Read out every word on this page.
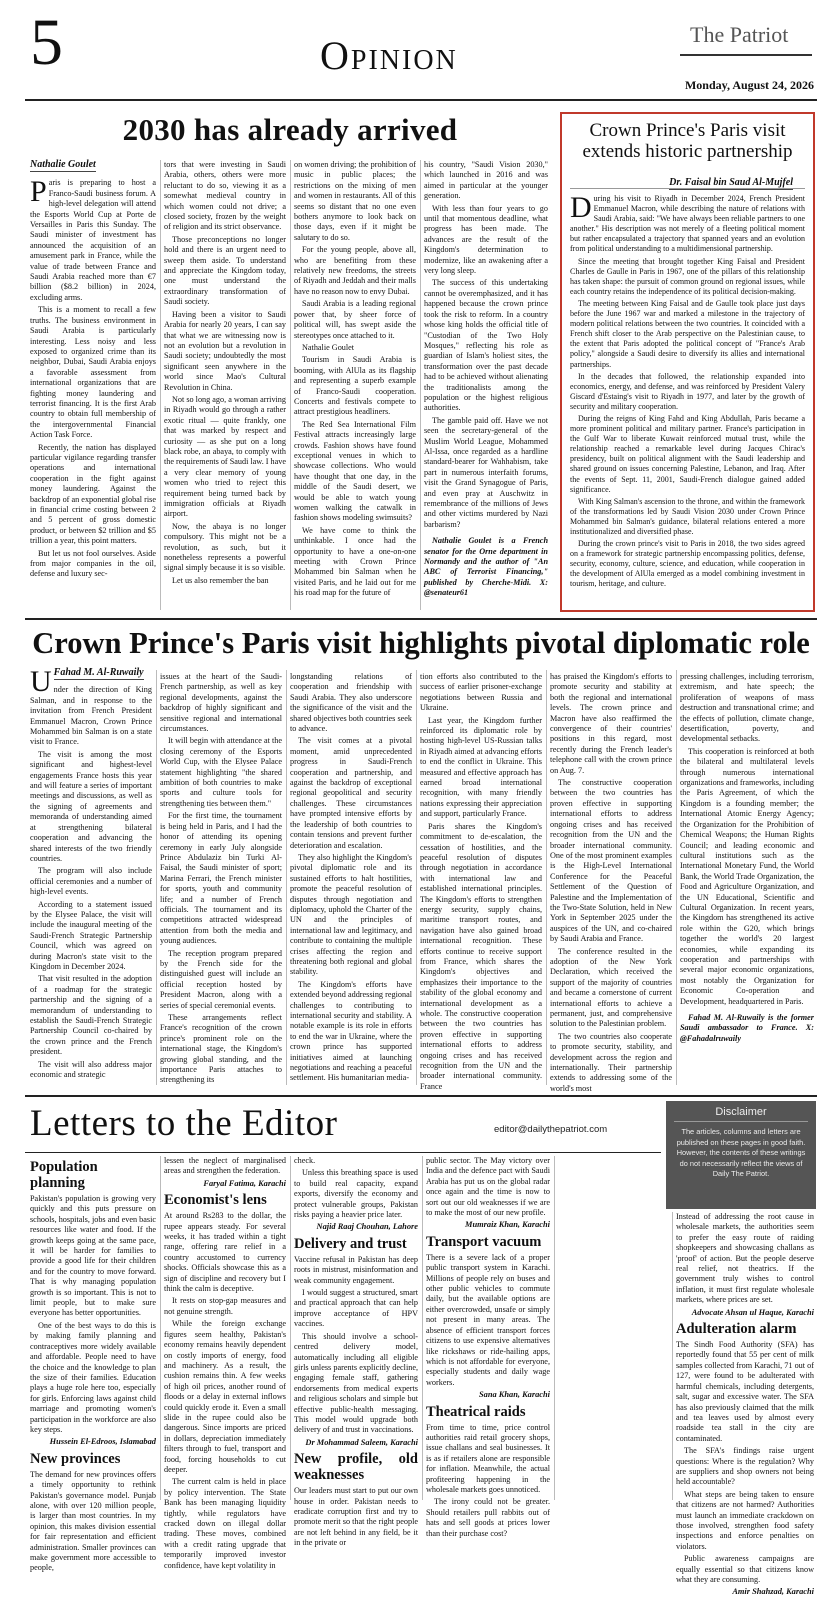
5	Opinion	The Patriot
Monday, August 24, 2026
2030 has already arrived
Nathalie Goulet
P aris is preparing to host a Franco-Saudi business forum. A high-level delegation will attend the Esports World Cup at Porte de Versailles in Paris this Sunday. The Saudi minister of investment has announced the acquisition of an amusement park in France, while the value of trade between France and Saudi Arabia reached more than €7 billion ($8.2 billion) in 2024, excluding arms.
This is a moment to recall a few truths. The business environment in Saudi Arabia is particularly interesting. Less noisy and less exposed to organized crime than its neighbor, Dubai, Saudi Arabia enjoys a favorable assessment from international organizations that are fighting money laundering and terrorist financing. It is the first Arab country to obtain full membership of the intergovernmental Financial Action Task Force.
Recently, the nation has displayed particular vigilance regarding transfer operations and international cooperation in the fight against money laundering. Against the backdrop of an exponential global rise in financial crime costing between 2 and 5 percent of gross domestic product, or between $2 trillion and $5 trillion a year, this point matters.
But let us not fool ourselves. Aside from major companies in the oil, defense and luxury sec-
tors that were investing in Saudi Arabia, others, others were more reluctant to do so, viewing it as a somewhat medieval country in which women could not drive; a closed society, frozen by the weight of religion and its strict observance.
Those preconceptions no longer hold and there is an urgent need to sweep them aside. To understand and appreciate the Kingdom today, one must understand the extraordinary transformation of Saudi society.
Having been a visitor to Saudi Arabia for nearly 20 years, I can say that what we are witnessing now is not an evolution but a revolution in Saudi society; undoubtedly the most significant seen anywhere in the world since Mao's Cultural Revolution in China.
Not so long ago, a woman arriving in Riyadh would go through a rather exotic ritual — quite frankly, one that was marked by respect and curiosity — as she put on a long black robe, an abaya, to comply with the requirements of Saudi law. I have a very clear memory of young women who tried to reject this requirement being turned back by immigration officials at Riyadh airport.
Now, the abaya is no longer compulsory. This might not be a revolution, as such, but it nonetheless represents a powerful signal simply because it is so visible.
Let us also remember the ban
on women driving; the prohibition of music in public places; the restrictions on the mixing of men and women in restaurants. All of this seems so distant that no one even bothers anymore to look back on those days, even if it might be salutary to do so.
For the young people, above all, who are benefiting from these relatively new freedoms, the streets of Riyadh and Jeddah and their malls have no reason now to envy Dubai.
Saudi Arabia is a leading regional power that, by sheer force of political will, has swept aside the stereotypes once attached to it.
Nathalie Goulet
Tourism in Saudi Arabia is booming, with AlUla as its flagship and representing a superb example of Franco-Saudi cooperation. Concerts and festivals compete to attract prestigious headliners.
The Red Sea International Film Festival attracts increasingly large crowds. Fashion shows have found exceptional venues in which to showcase collections. Who would have thought that one day, in the middle of the Saudi desert, we would be able to watch young women walking the catwalk in fashion shows modeling swimsuits?
We have come to think the unthinkable. I once had the opportunity to have a one-on-one meeting with Crown Prince Mohammed bin Salman when he visited Paris, and he laid out for me his road map for the future of
his country, "Saudi Vision 2030," which launched in 2016 and was aimed in particular at the younger generation.
With less than four years to go until that momentous deadline, what progress has been made. The advances are the result of the Kingdom's determination to modernize, like an awakening after a very long sleep.
The success of this undertaking cannot be overemphasized, and it has happened because the crown prince took the risk to reform. In a country whose king holds the official title of "Custodian of the Two Holy Mosques," reflecting his role as guardian of Islam's holiest sites, the transformation over the past decade had to be achieved without alienating the traditionalists among the population or the highest religious authorities.
The gamble paid off. Have we not seen the secretary-general of the Muslim World League, Mohammed Al-Issa, once regarded as a hardline standard-bearer for Wahhabism, take part in numerous interfaith forums, visit the Grand Synagogue of Paris, and even pray at Auschwitz in remembrance of the millions of Jews and other victims murdered by Nazi barbarism?
Nathalie Goulet is a French senator for the Orne department in Normandy and the author of "An ABC of Terrorist Financing," published by Cherche-Midi. X: @senateur61
Crown Prince's Paris visit extends historic partnership
Dr. Faisal bin Saud Al-Mujfel
D uring his visit to Riyadh in December 2024, French President Emmanuel Macron, while describing the nature of relations with Saudi Arabia, said: "We have always been reliable partners to one another." His description was not merely of a fleeting political moment but rather encapsulated a trajectory that spanned years and an evolution from political understanding to a multidimensional partnership.
Since the meeting that brought together King Faisal and President Charles de Gaulle in Paris in 1967, one of the pillars of this relationship has taken shape: the pursuit of common ground on regional issues, while each country retains the independence of its political decision-making.
The meeting between King Faisal and de Gaulle took place just days before the June 1967 war and marked a milestone in the trajectory of modern political relations between the two countries. It coincided with a French shift closer to the Arab perspective on the Palestinian cause, to the extent that Paris adopted the political concept of "France's Arab policy," alongside a Saudi desire to diversify its allies and international partnerships.
In the decades that followed, the relationship expanded into economics, energy, and defense, and was reinforced by President Valery Giscard d'Estaing's visit to Riyadh in 1977, and later by the growth of security and military cooperation.
During the reigns of King Fahd and King Abdullah, Paris became a more prominent political and military partner. France's participation in the Gulf War to liberate Kuwait reinforced mutual trust, while the relationship reached a remarkable level during Jacques Chirac's presidency, built on political alignment with the Saudi leadership and shared ground on issues concerning Palestine, Lebanon, and Iraq. After the events of Sept. 11, 2001, Saudi-French dialogue gained added significance.
With King Salman's ascension to the throne, and within the framework of the transformations led by Saudi Vision 2030 under Crown Prince Mohammed bin Salman's guidance, bilateral relations entered a more institutionalized and diversified phase.
During the crown prince's visit to Paris in 2018, the two sides agreed on a framework for strategic partnership encompassing politics, defense, security, economy, culture, science, and education, while cooperation in the development of AlUla emerged as a model combining investment in tourism, heritage, and culture.
Crown Prince's Paris visit highlights pivotal diplomatic role
Fahad M. Al-Ruwaily
U nder the direction of King Salman, and in response to the invitation from French President Emmanuel Macron, Crown Prince Mohammed bin Salman is on a state visit to France.
The visit is among the most significant and highest-level engagements France hosts this year and will feature a series of important meetings and discussions, as well as the signing of agreements and memoranda of understanding aimed at strengthening bilateral cooperation and advancing the shared interests of the two friendly countries.
The program will also include official ceremonies and a number of high-level events.
According to a statement issued by the Elysee Palace, the visit will include the inaugural meeting of the Saudi-French Strategic Partnership Council, which was agreed on during Macron's state visit to the Kingdom in December 2024.
That visit resulted in the adoption of a roadmap for the strategic partnership and the signing of a memorandum of understanding to establish the Saudi-French Strategic Partnership Council co-chaired by the crown prince and the French president.
The visit will also address major economic and strategic
issues at the heart of the Saudi-French partnership, as well as key regional developments, against the backdrop of highly significant and sensitive regional and international circumstances.
It will begin with attendance at the closing ceremony of the Esports World Cup, with the Elysee Palace statement highlighting "the shared ambition of both countries to make sports and culture tools for strengthening ties between them."
For the first time, the tournament is being held in Paris, and I had the honor of attending its opening ceremony in early July alongside Prince Abdulaziz bin Turki Al-Faisal, the Saudi minister of sport; Marina Ferrari, the French minister for sports, youth and community life; and a number of French officials. The tournament and its competitions attracted widespread attention from both the media and young audiences.
The reception program prepared by the French side for the distinguished guest will include an official reception hosted by President Macron, along with a series of special ceremonial events.
These arrangements reflect France's recognition of the crown prince's prominent role on the international stage, the Kingdom's growing global standing, and the importance Paris attaches to strengthening its
longstanding relations of cooperation and friendship with Saudi Arabia. They also underscore the significance of the visit and the shared objectives both countries seek to advance.
The visit comes at a pivotal moment, amid unprecedented progress in Saudi-French cooperation and partnership, and against the backdrop of exceptional regional geopolitical and security challenges. These circumstances have prompted intensive efforts by the leadership of both countries to contain tensions and prevent further deterioration and escalation.
They also highlight the Kingdom's pivotal diplomatic role and its sustained efforts to halt hostilities, promote the peaceful resolution of disputes through negotiation and diplomacy, uphold the Charter of the UN and the principles of international law and legitimacy, and contribute to containing the multiple crises affecting the region and threatening both regional and global stability.
The Kingdom's efforts have extended beyond addressing regional challenges to contributing to international security and stability. A notable example is its role in efforts to end the war in Ukraine, where the crown prince has supported initiatives aimed at launching negotiations and reaching a peaceful settlement. His humanitarian media-
tion efforts also contributed to the success of earlier prisoner-exchange negotiations between Russia and Ukraine.
Last year, the Kingdom further reinforced its diplomatic role by hosting high-level US-Russian talks in Riyadh aimed at advancing efforts to end the conflict in Ukraine. This measured and effective approach has earned broad international recognition, with many friendly nations expressing their appreciation and support, particularly France.
Paris shares the Kingdom's commitment to de-escalation, the cessation of hostilities, and the peaceful resolution of disputes through negotiation in accordance with international law and established international principles. The Kingdom's efforts to strengthen energy security, supply chains, maritime transport routes, and navigation have also gained broad international recognition. These efforts continue to receive support from France, which shares the Kingdom's objectives and emphasizes their importance to the stability of the global economy and international development as a whole. The constructive cooperation between the two countries has proven effective in supporting international efforts to address ongoing crises and has received recognition from the UN and the broader international community. France
has praised the Kingdom's efforts to promote security and stability at both the regional and international levels. The crown prince and Macron have also reaffirmed the convergence of their countries' positions in this regard, most recently during the French leader's telephone call with the crown prince on Aug. 7.
The constructive cooperation between the two countries has proven effective in supporting international efforts to address ongoing crises and has received recognition from the UN and the broader international community. One of the most prominent examples is the High-Level International Conference for the Peaceful Settlement of the Question of Palestine and the Implementation of the Two-State Solution, held in New York in September 2025 under the auspices of the UN, and co-chaired by Saudi Arabia and France.
The conference resulted in the adoption of the New York Declaration, which received the support of the majority of countries and became a cornerstone of current international efforts to achieve a permanent, just, and comprehensive solution to the Palestinian problem.
The two countries also cooperate to promote security, stability, and development across the region and internationally. Their partnership extends to addressing some of the world's most
pressing challenges, including terrorism, extremism, and hate speech; the proliferation of weapons of mass destruction and transnational crime; and the effects of pollution, climate change, desertification, poverty, and developmental setbacks.
This cooperation is reinforced at both the bilateral and multilateral levels through numerous international organizations and frameworks, including the Paris Agreement, of which the Kingdom is a founding member; the International Atomic Energy Agency; the Organization for the Prohibition of Chemical Weapons; the Human Rights Council; and leading economic and cultural institutions such as the International Monetary Fund, the World Bank, the World Trade Organization, the Food and Agriculture Organization, and the UN Educational, Scientific and Cultural Organization. In recent years, the Kingdom has strengthened its active role within the G20, which brings together the world's 20 largest economies, while expanding its cooperation and partnerships with several major economic organizations, most notably the Organization for Economic Co-operation and Development, headquartered in Paris.
Fahad M. Al-Ruwaily is the former Saudi ambassador to France. X: @Fahadalruwaily
Letters to the Editor	editor@dailythepatriot.com
Disclaimer
The articles, columns and letters are published on these pages in good faith. However, the contents of these writings do not necessarily reflect the views of Daily The Patriot.
Population planning
Pakistan's population is growing very quickly and this puts pressure on schools, hospitals, jobs and even basic resources like water and food. If the growth keeps going at the same pace, it will be harder for families to provide a good life for their children and for the country to move forward. That is why managing population growth is so important. This is not to limit people, but to make sure everyone has better opportunities.
One of the best ways to do this is by making family planning and contraceptives more widely available and affordable. People need to have the choice and the knowledge to plan the size of their families. Education plays a huge role here too, especially for girls. Enforcing laws against child marriage and promoting women's participation in the workforce are also key steps.
Hussein El-Edroos, Islamabad
New provinces
The demand for new provinces offers a timely opportunity to rethink Pakistan's governance model. Punjab alone, with over 120 million people, is larger than most countries. In my opinion, this makes division essential for fair representation and efficient administration. Smaller provinces can make government more accessible to people,
lessen the neglect of marginalised areas and strengthen the federation.
Faryal Fatima, Karachi
Economist's lens
At around Rs283 to the dollar, the rupee appears steady. For several weeks, it has traded within a tight range, offering rare relief in a country accustomed to currency shocks. Officials showcase this as a sign of discipline and recovery but I think the calm is deceptive.
It rests on stop-gap measures and not genuine strength.
While the foreign exchange figures seem healthy, Pakistan's economy remains heavily dependent on costly imports of energy, food and machinery. As a result, the cushion remains thin. A few weeks of high oil prices, another round of floods or a delay in external inflows could quickly erode it. Even a small slide in the rupee could also be dangerous. Since imports are priced in dollars, depreciation immediately filters through to fuel, transport and food, forcing households to cut deeper.
The current calm is held in place by policy intervention. The State Bank has been managing liquidity tightly, while regulators have cracked down on illegal dollar trading. These moves, combined with a credit rating upgrade that temporarily improved investor confidence, have kept volatility in
check.
Unless this breathing space is used to build real capacity, expand exports, diversify the economy and protect vulnerable groups, Pakistan risks paying a heavier price later.
Najid Raaj Chouhan, Lahore
Delivery and trust
Vaccine refusal in Pakistan has deep roots in mistrust, misinformation and weak community engagement.
I would suggest a structured, smart and practical approach that can help improve acceptance of HPV vaccines.
This should involve a school-centred delivery model, automatically including all eligible girls unless parents explicitly decline, engaging female staff, gathering endorsements from medical experts and religious scholars and simple but effective public-health messaging. This model would upgrade both delivery of and trust in vaccinations.
Dr Mohammad Saleem, Karachi
New profile, old weaknesses
Our leaders must start to put our own house in order. Pakistan needs to eradicate corruption first and try to promote merit so that the right people are not left behind in any field, be it in the private or
public sector. The May victory over India and the defence pact with Saudi Arabia has put us on the global radar once again and the time is now to sort out our old weaknesses if we are to make the most of our new profile.
Mumraiz Khan, Karachi
Transport vacuum
There is a severe lack of a proper public transport system in Karachi. Millions of people rely on buses and other public vehicles to commute daily, but the available options are either overcrowded, unsafe or simply not present in many areas. The absence of efficient transport forces citizens to use expensive alternatives like rickshaws or ride-hailing apps, which is not affordable for everyone, especially students and daily wage workers.
Sana Khan, Karachi
Theatrical raids
From time to time, price control authorities raid retail grocery shops, issue challans and seal businesses. It is as if retailers alone are responsible for inflation. Meanwhile, the actual profiteering happening in the wholesale markets goes unnoticed.
The irony could not be greater. Should retailers pull rabbits out of hats and sell goods at prices lower than their purchase cost?
Instead of addressing the root cause in wholesale markets, the authorities seem to prefer the easy route of raiding shopkeepers and showcasing challans as 'proof' of action. But the people deserve real relief, not theatrics. If the government truly wishes to control inflation, it must first regulate wholesale markets, where prices are set.
Advocate Ahsan ul Haque, Karachi
Adulteration alarm
The Sindh Food Authority (SFA) has reportedly found that 55 per cent of milk samples collected from Karachi, 71 out of 127, were found to be adulterated with harmful chemicals, including detergents, salt, sugar and excessive water. The SFA has also previously claimed that the milk and tea leaves used by almost every roadside tea stall in the city are contaminated.
The SFA's findings raise urgent questions: Where is the regulation? Why are suppliers and shop owners not being held accountable?
What steps are being taken to ensure that citizens are not harmed? Authorities must launch an immediate crackdown on those involved, strengthen food safety inspections and enforce penalties on violators.
Public awareness campaigns are equally essential so that citizens know what they are consuming.
Amir Shahzad, Karachi
